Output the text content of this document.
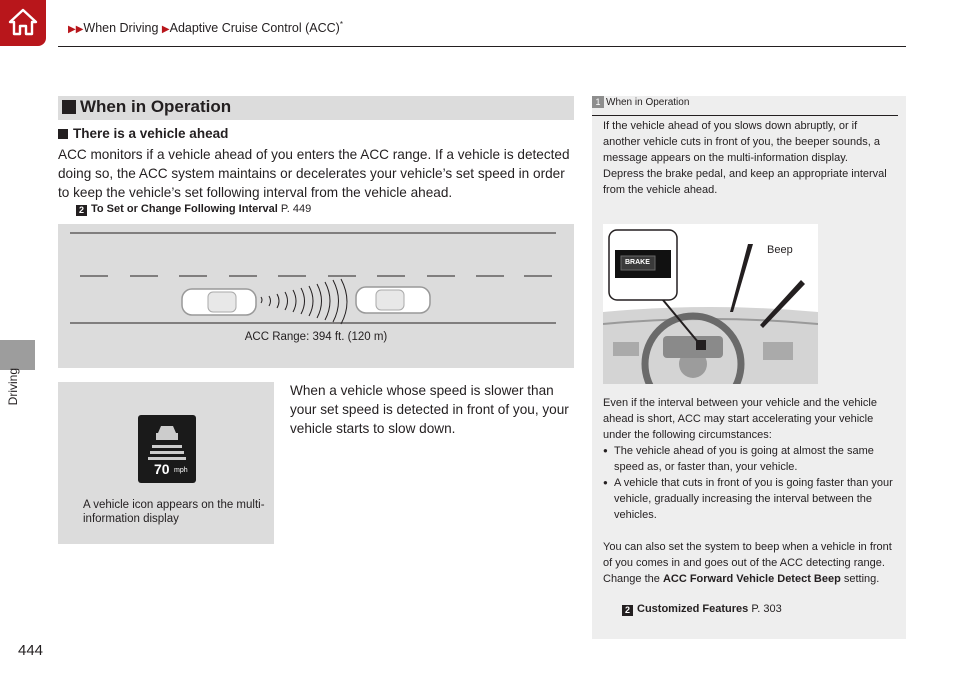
▶▶When Driving ▶Adaptive Cruise Control (ACC)*
Driving
444
When in Operation
There is a vehicle ahead
ACC monitors if a vehicle ahead of you enters the ACC range. If a vehicle is detected doing so, the ACC system maintains or decelerates your vehicle’s set speed in order to keep the vehicle’s set following interval from the vehicle ahead.
2 To Set or Change Following Interval P. 449
ACC Range: 394 ft. (120 m)
70 mph
A vehicle icon appears on the multi-information display
When a vehicle whose speed is slower than your set speed is detected in front of you, your vehicle starts to slow down.
1 When in Operation
If the vehicle ahead of you slows down abruptly, or if another vehicle cuts in front of you, the beeper sounds, a message appears on the multi-information display.
Depress the brake pedal, and keep an appropriate interval from the vehicle ahead.
BRAKE
Beep
Even if the interval between your vehicle and the vehicle ahead is short, ACC may start accelerating your vehicle under the following circumstances:
● The vehicle ahead of you is going at almost the same speed as, or faster than, your vehicle.
● A vehicle that cuts in front of you is going faster than your vehicle, gradually increasing the interval between the vehicles.
You can also set the system to beep when a vehicle in front of you comes in and goes out of the ACC detecting range. Change the ACC Forward Vehicle Detect Beep setting.
2 Customized Features P. 303
